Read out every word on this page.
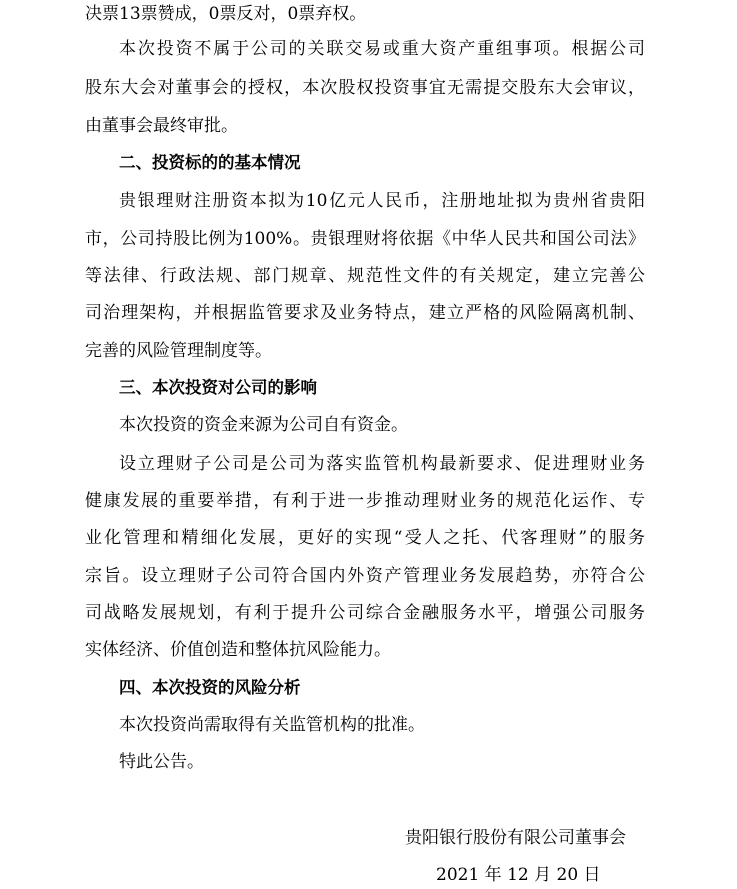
决票13票赞成，0票反对，0票弃权。
本次投资不属于公司的关联交易或重大资产重组事项。根据公司
股东大会对董事会的授权，本次股权投资事宜无需提交股东大会审议，
由董事会最终审批。
二、投资标的的基本情况
贵银理财注册资本拟为10亿元人民币，注册地址拟为贵州省贵阳
市，公司持股比例为100%。贵银理财将依据《中华人民共和国公司法》
等法律、行政法规、部门规章、规范性文件的有关规定，建立完善公
司治理架构，并根据监管要求及业务特点，建立严格的风险隔离机制、
完善的风险管理制度等。
三、本次投资对公司的影响
本次投资的资金来源为公司自有资金。
设立理财子公司是公司为落实监管机构最新要求、促进理财业务
健康发展的重要举措，有利于进一步推动理财业务的规范化运作、专
业化管理和精细化发展，更好的实现“受人之托、代客理财”的服务
宗旨。设立理财子公司符合国内外资产管理业务发展趋势，亦符合公
司战略发展规划，有利于提升公司综合金融服务水平，增强公司服务
实体经济、价值创造和整体抗风险能力。
四、本次投资的风险分析
本次投资尚需取得有关监管机构的批准。
特此公告。
贵阳银行股份有限公司董事会
2021 年 12 月 20 日
